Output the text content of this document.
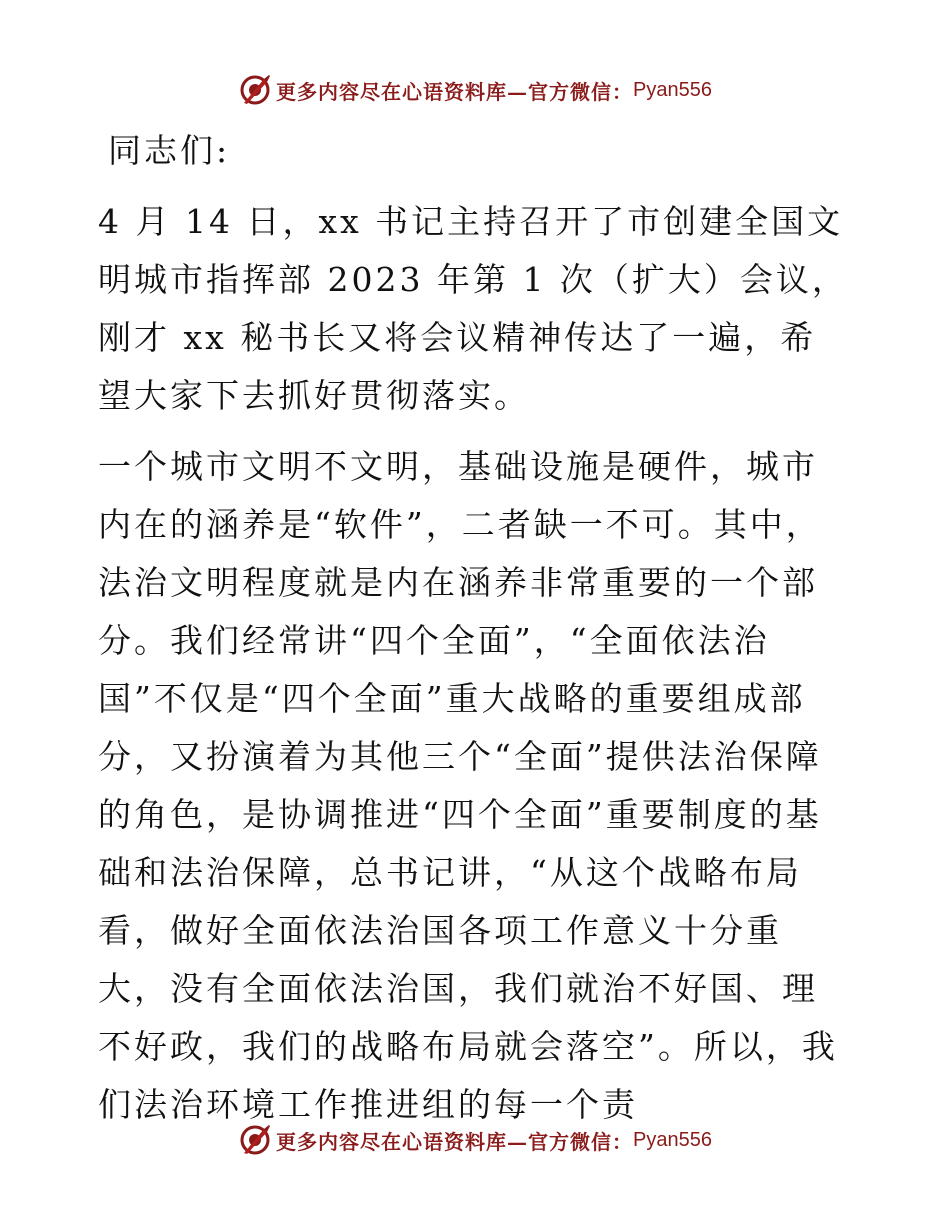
更多内容尽在心语资料库—官方微信： Pyan556

同志们:

4 月 14 日，xx 书记主持召开了市创建全国文明城市指挥部 2023 年第 1 次（扩大）会议，刚才 xx 秘书长又将会议精神传达了一遍，希望大家下去抓好贯彻落实。

一个城市文明不文明，基础设施是硬件，城市内在的涵养是“软件”，二者缺一不可。其中，法治文明程度就是内在涵养非常重要的一个部分。我们经常讲“四个全面”，“全面依法治国”不仅是“四个全面”重大战略的重要组成部分，又扮演着为其他三个“全面”提供法治保障的角色，是协调推进“四个全面”重要制度的基础和法治保障，总书记讲，“从这个战略布局看，做好全面依法治国各项工作意义十分重大，没有全面依法治国，我们就治不好国、理不好政，我们的战略布局就会落空”。所以，我们法治环境工作推进组的每一个责

更多内容尽在心语资料库—官方微信： Pyan556
